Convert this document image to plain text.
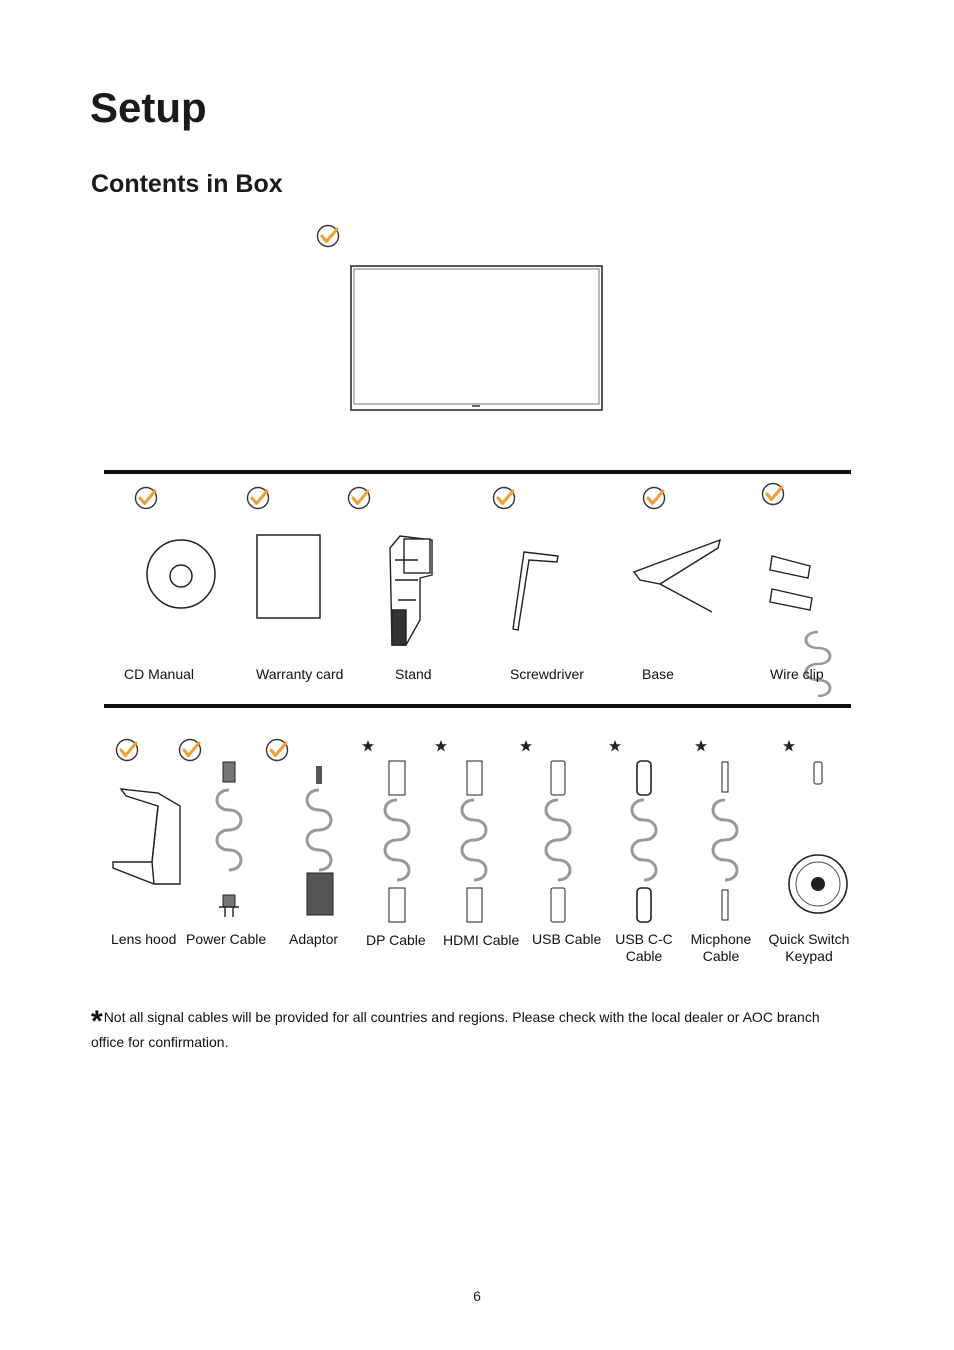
Setup
Contents in Box
CD Manual	Warranty card	Stand	Screwdriver	Base	Wire clip
Lens hood Power Cable Adaptor DP Cable HDMI Cable USB Cable USB C-C
Cable
Micphone
Cable
Quick Switch
Keypad
*Not all signal cables will be provided for all countries and regions. Please check with the local dealer or AOC branch office for confirmation.
6
